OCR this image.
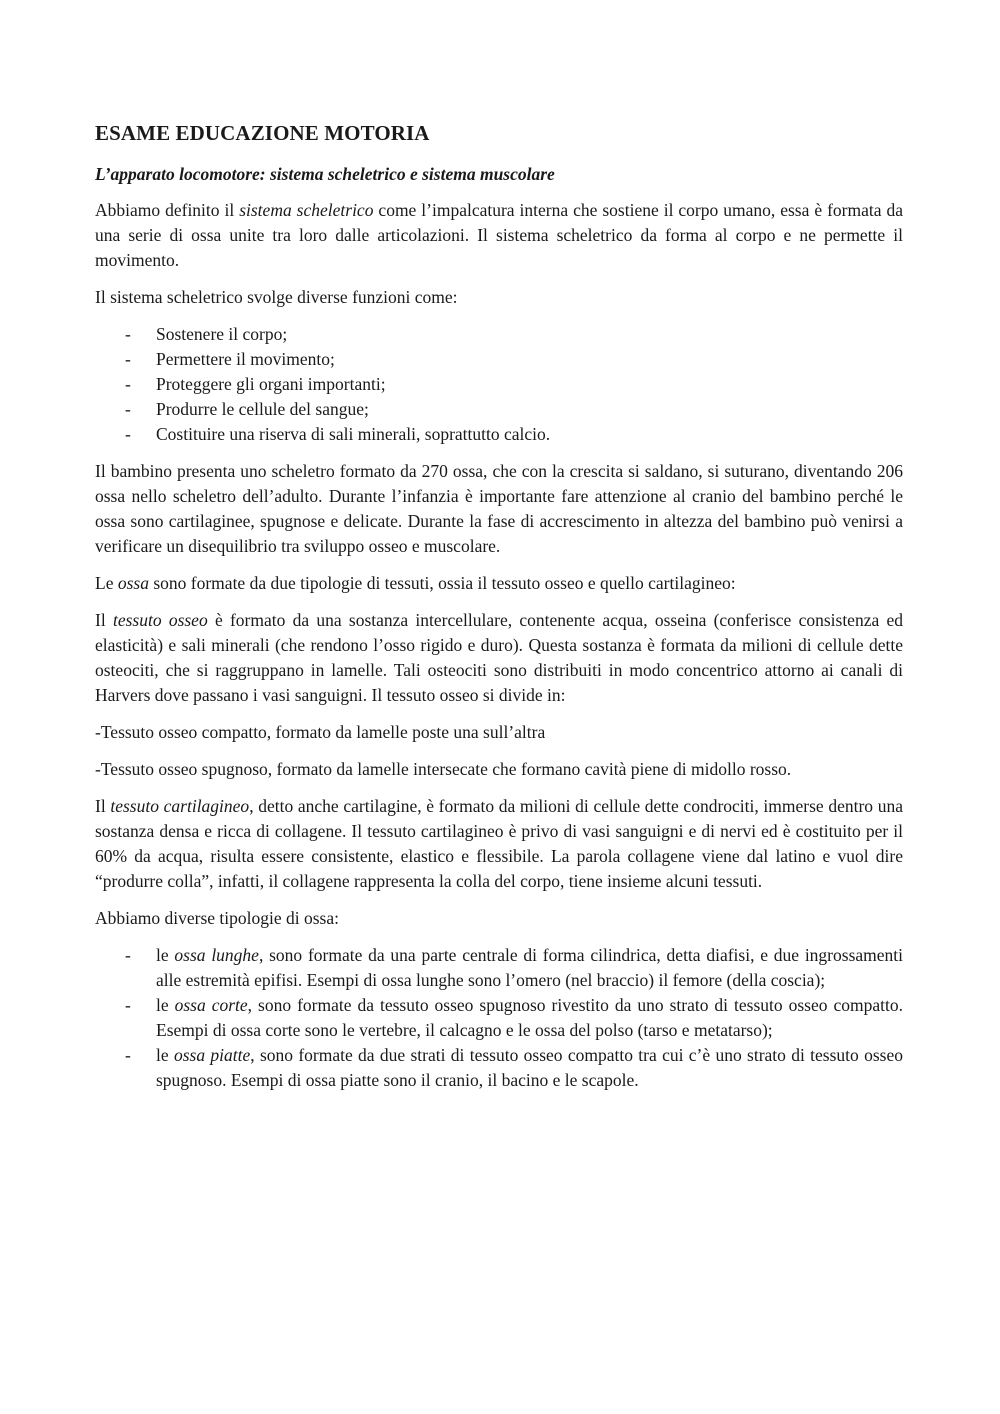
ESAME EDUCAZIONE MOTORIA
L’apparato locomotore: sistema scheletrico e sistema muscolare

Abbiamo definito il sistema scheletrico come l’impalcatura interna che sostiene il corpo umano, essa è formata da una serie di ossa unite tra loro dalle articolazioni. Il sistema scheletrico da forma al corpo e ne permette il movimento.

Il sistema scheletrico svolge diverse funzioni come:

- Sostenere il corpo;
- Permettere il movimento;
- Proteggere gli organi importanti;
- Produrre le cellule del sangue;
- Costituire una riserva di sali minerali, soprattutto calcio.

Il bambino presenta uno scheletro formato da 270 ossa, che con la crescita si saldano, si suturano, diventando 206 ossa nello scheletro dell’adulto. Durante l’infanzia è importante fare attenzione al cranio del bambino perché le ossa sono cartilaginee, spugnose e delicate. Durante la fase di accrescimento in altezza del bambino può venirsi a verificare un disequilibrio tra sviluppo osseo e muscolare.

Le ossa sono formate da due tipologie di tessuti, ossia il tessuto osseo e quello cartilagineo:

Il tessuto osseo è formato da una sostanza intercellulare, contenente acqua, osseina (conferisce consistenza ed elasticità) e sali minerali (che rendono l’osso rigido e duro). Questa sostanza è formata da milioni di cellule dette osteociti, che si raggruppano in lamelle. Tali osteociti sono distribuiti in modo concentrico attorno ai canali di Harvers dove passano i vasi sanguigni. Il tessuto osseo si divide in:

-Tessuto osseo compatto, formato da lamelle poste una sull’altra

-Tessuto osseo spugnoso, formato da lamelle intersecate che formano cavità piene di midollo rosso.

Il tessuto cartilagineo, detto anche cartilagine, è formato da milioni di cellule dette condrociti, immerse dentro una sostanza densa e ricca di collagene. Il tessuto cartilagineo è privo di vasi sanguigni e di nervi ed è costituito per il 60% da acqua, risulta essere consistente, elastico e flessibile. La parola collagene viene dal latino e vuol dire “produrre colla”, infatti, il collagene rappresenta la colla del corpo, tiene insieme alcuni tessuti.

Abbiamo diverse tipologie di ossa:

- le ossa lunghe, sono formate da una parte centrale di forma cilindrica, detta diafisi, e due ingrossamenti alle estremità epifisi. Esempi di ossa lunghe sono l’omero (nel braccio) il femore (della coscia);
- le ossa corte, sono formate da tessuto osseo spugnoso rivestito da uno strato di tessuto osseo compatto. Esempi di ossa corte sono le vertebre, il calcagno e le ossa del polso (tarso e metatarso);
- le ossa piatte, sono formate da due strati di tessuto osseo compatto tra cui c’è uno strato di tessuto osseo spugnoso. Esempi di ossa piatte sono il cranio, il bacino e le scapole.
